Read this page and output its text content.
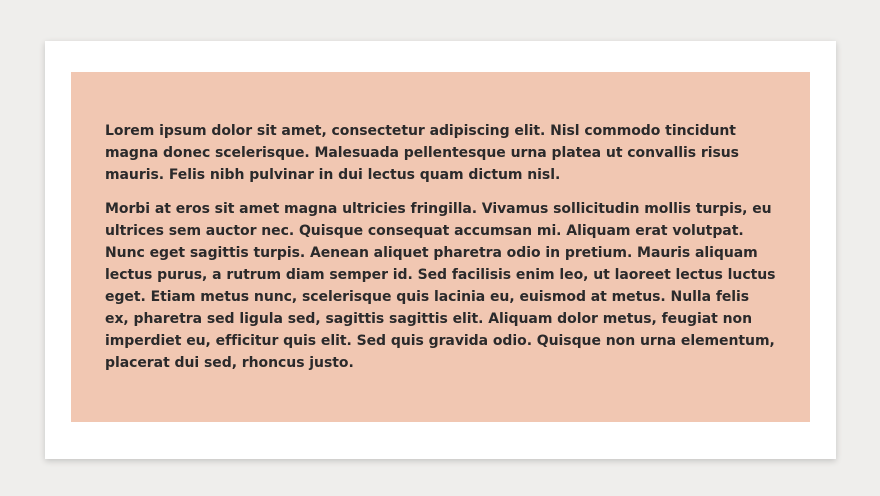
Lorem ipsum dolor sit amet, consectetur adipiscing elit. Nisl commodo tincidunt magna donec scelerisque. Malesuada pellentesque urna platea ut convallis risus mauris. Felis nibh pulvinar in dui lectus quam dictum nisl.

Morbi at eros sit amet magna ultricies fringilla. Vivamus sollicitudin mollis turpis, eu ultrices sem auctor nec. Quisque consequat accumsan mi. Aliquam erat volutpat. Nunc eget sagittis turpis. Aenean aliquet pharetra odio in pretium. Mauris aliquam lectus purus, a rutrum diam semper id. Sed facilisis enim leo, ut laoreet lectus luctus eget. Etiam metus nunc, scelerisque quis lacinia eu, euismod at metus. Nulla felis ex, pharetra sed ligula sed, sagittis sagittis elit. Aliquam dolor metus, feugiat non imperdiet eu, efficitur quis elit. Sed quis gravida odio. Quisque non urna elementum, placerat dui sed, rhoncus justo.
